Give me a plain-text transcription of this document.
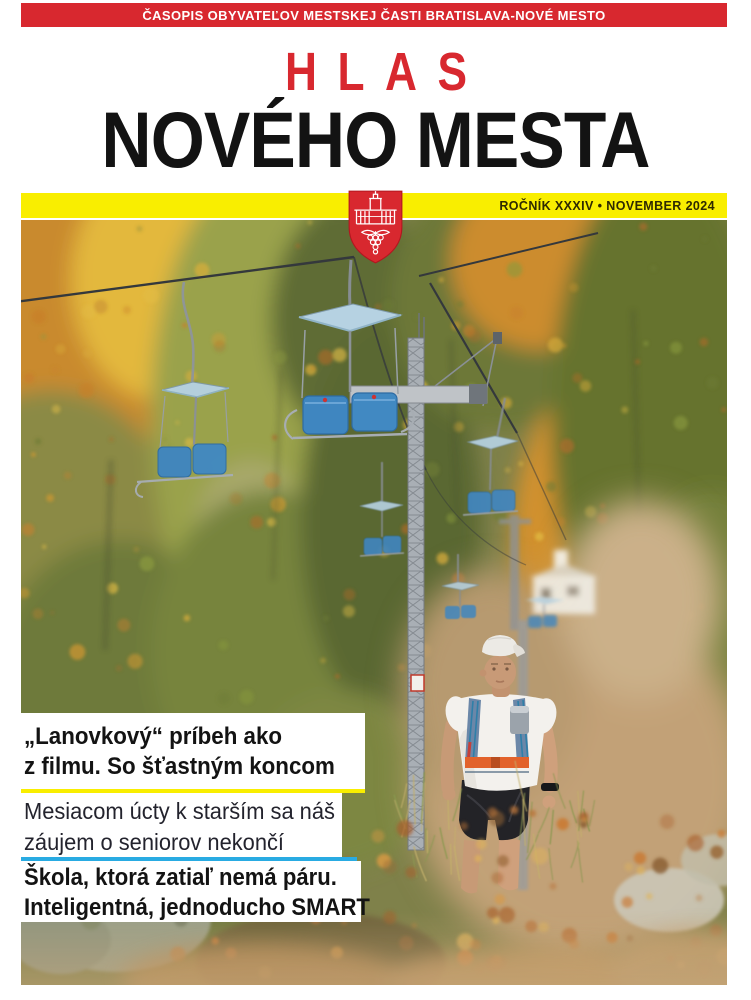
ČASOPIS OBYVATEĽOV MESTSKEJ ČASTI BRATISLAVA-NOVÉ MESTO
HLAS
NOVÉHO MESTA
ROČNÍK XXXIV • NOVEMBER 2024
„Lanovkový“ príbeh ako
z filmu. So šťastným koncom
Mesiacom úcty k starším sa náš
záujem o seniorov nekončí
Škola, ktorá zatiaľ nemá páru.
Inteligentná, jednoducho SMART
